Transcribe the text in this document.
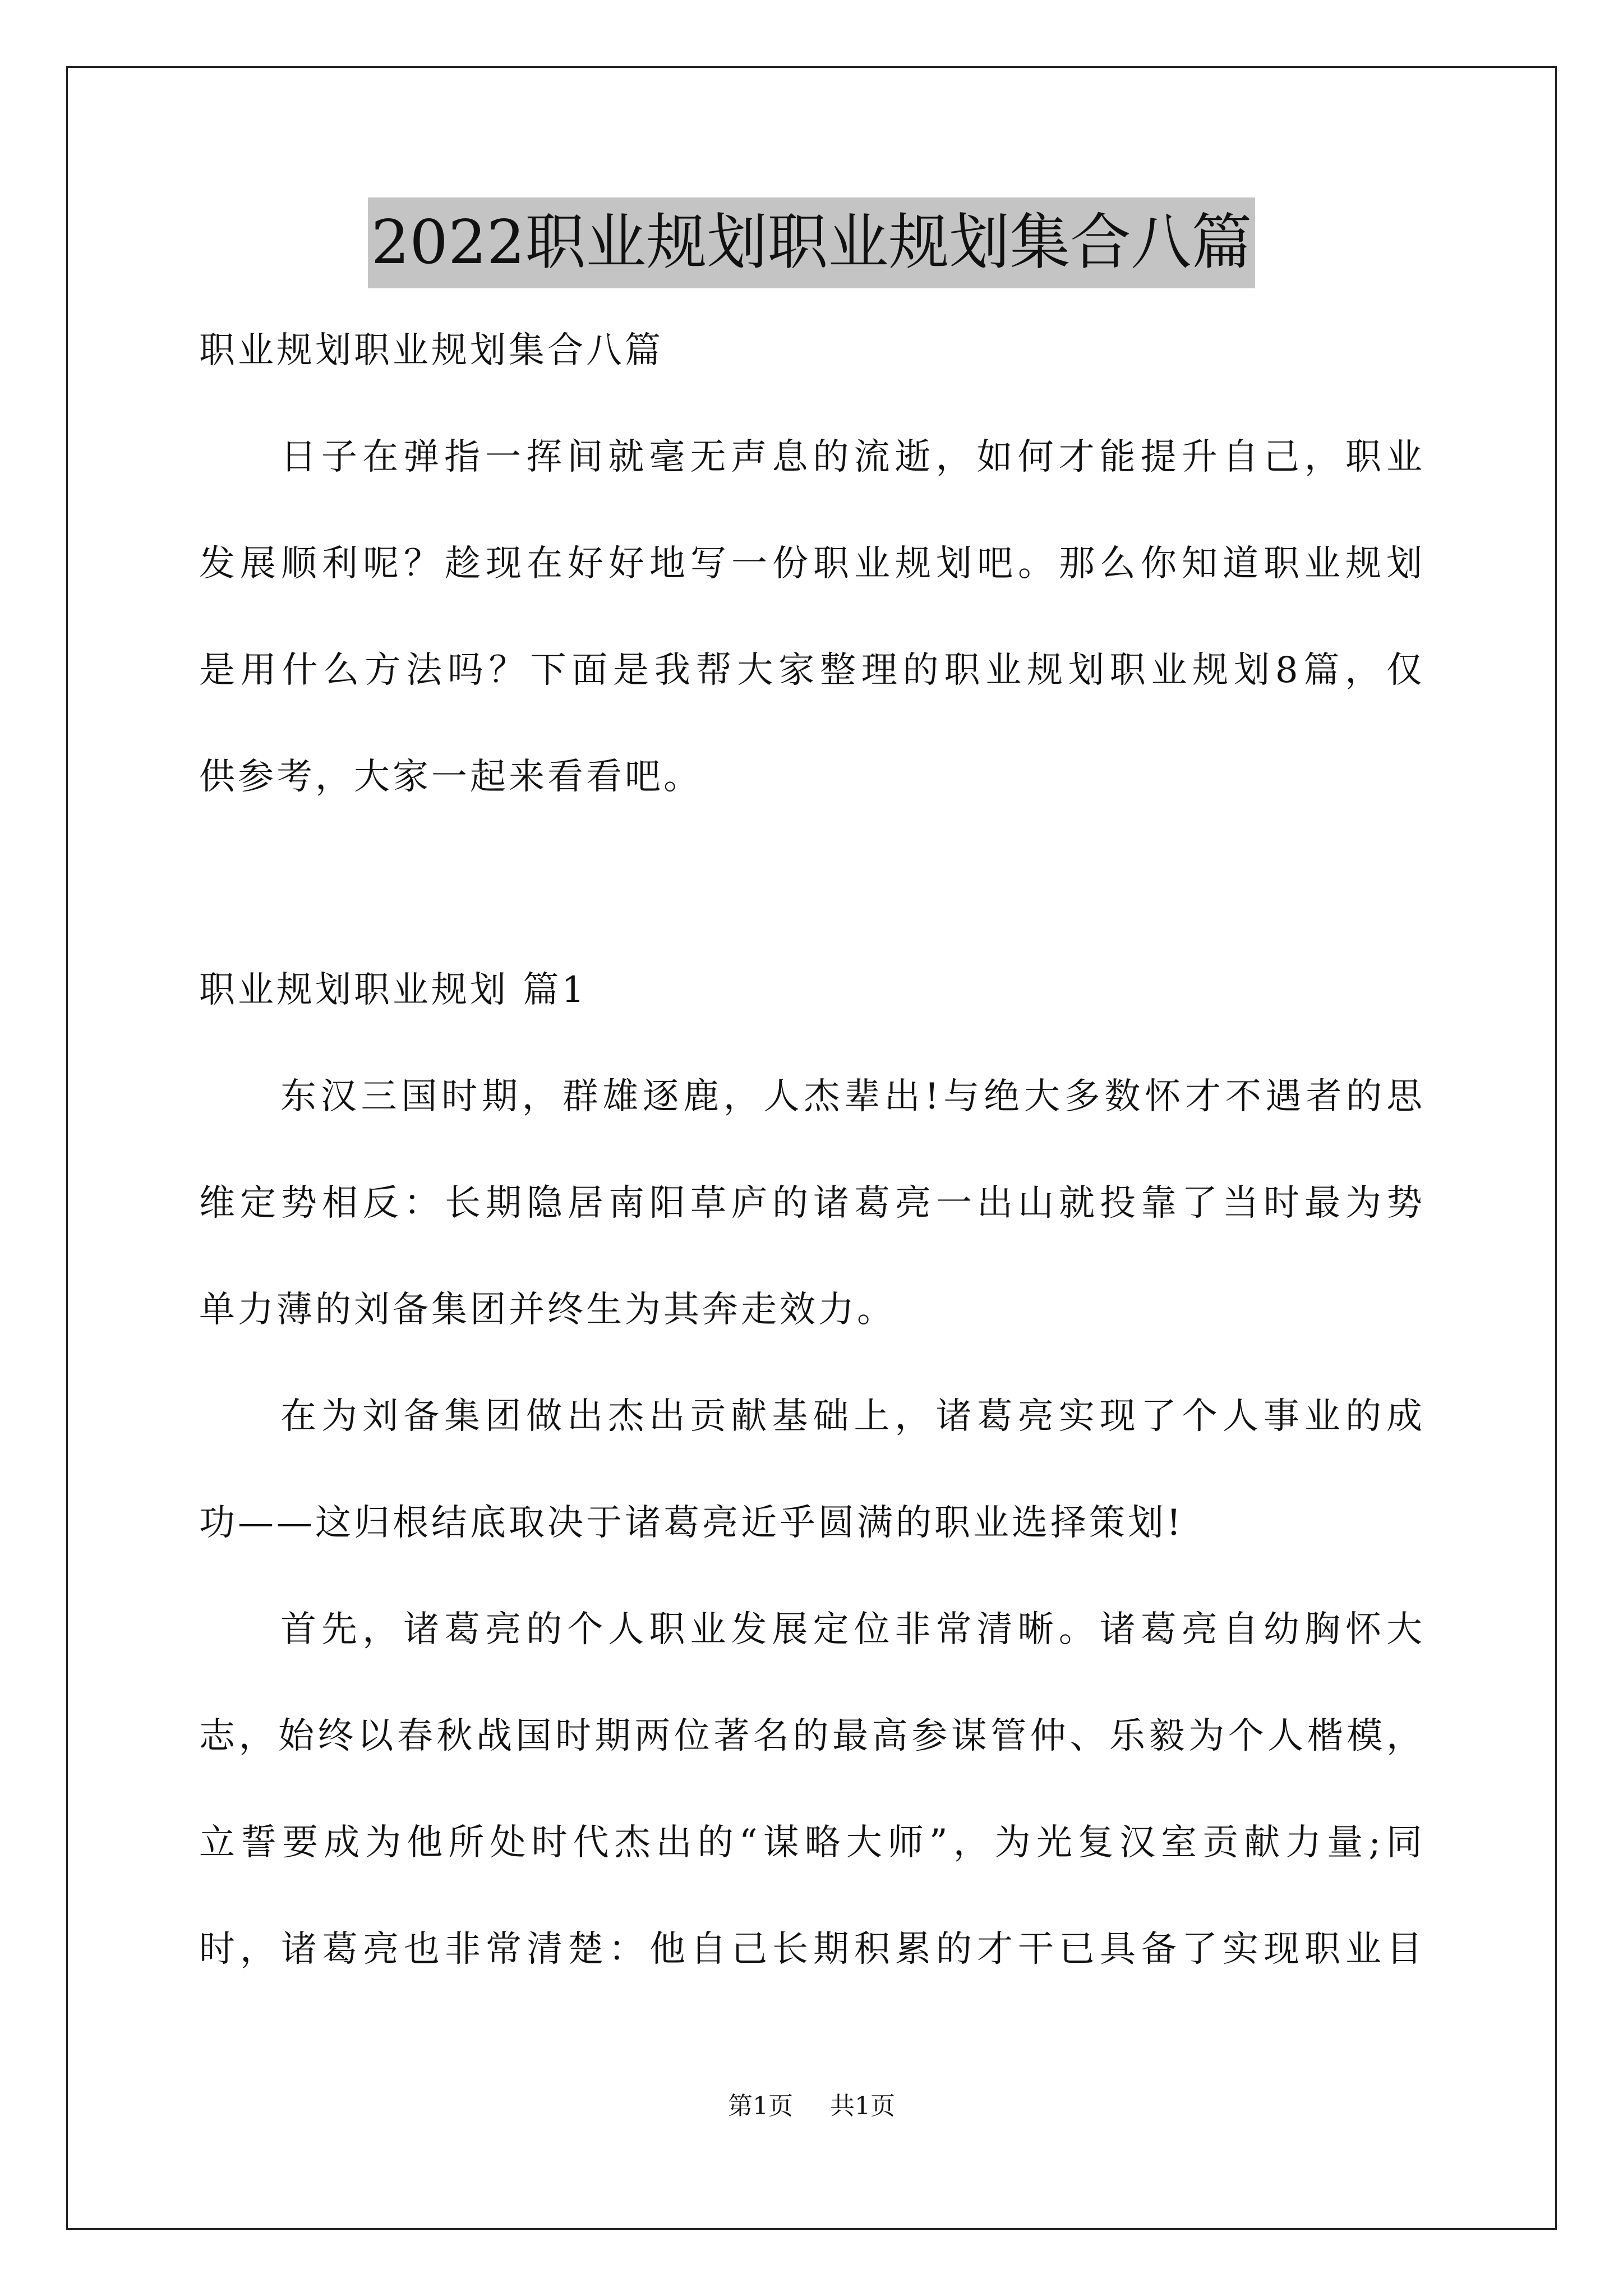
2022职业规划职业规划集合八篇
职业规划职业规划集合八篇
日子在弹指一挥间就毫无声息的流逝，如何才能提升自己，职业
发展顺利呢？趁现在好好地写一份职业规划吧。那么你知道职业规划
是用什么方法吗？下面是我帮大家整理的职业规划职业规划8篇，仅
供参考，大家一起来看看吧。
职业规划职业规划 篇1
东汉三国时期，群雄逐鹿，人杰辈出!与绝大多数怀才不遇者的思
维定势相反：长期隐居南阳草庐的诸葛亮一出山就投靠了当时最为势
单力薄的刘备集团并终生为其奔走效力。
在为刘备集团做出杰出贡献基础上，诸葛亮实现了个人事业的成
功——这归根结底取决于诸葛亮近乎圆满的职业选择策划!
首先，诸葛亮的个人职业发展定位非常清晰。诸葛亮自幼胸怀大
志，始终以春秋战国时期两位著名的最高参谋管仲、乐毅为个人楷模，
立誓要成为他所处时代杰出的“谋略大师”，为光复汉室贡献力量;同
时，诸葛亮也非常清楚：他自己长期积累的才干已具备了实现职业目
第1页 共1页
